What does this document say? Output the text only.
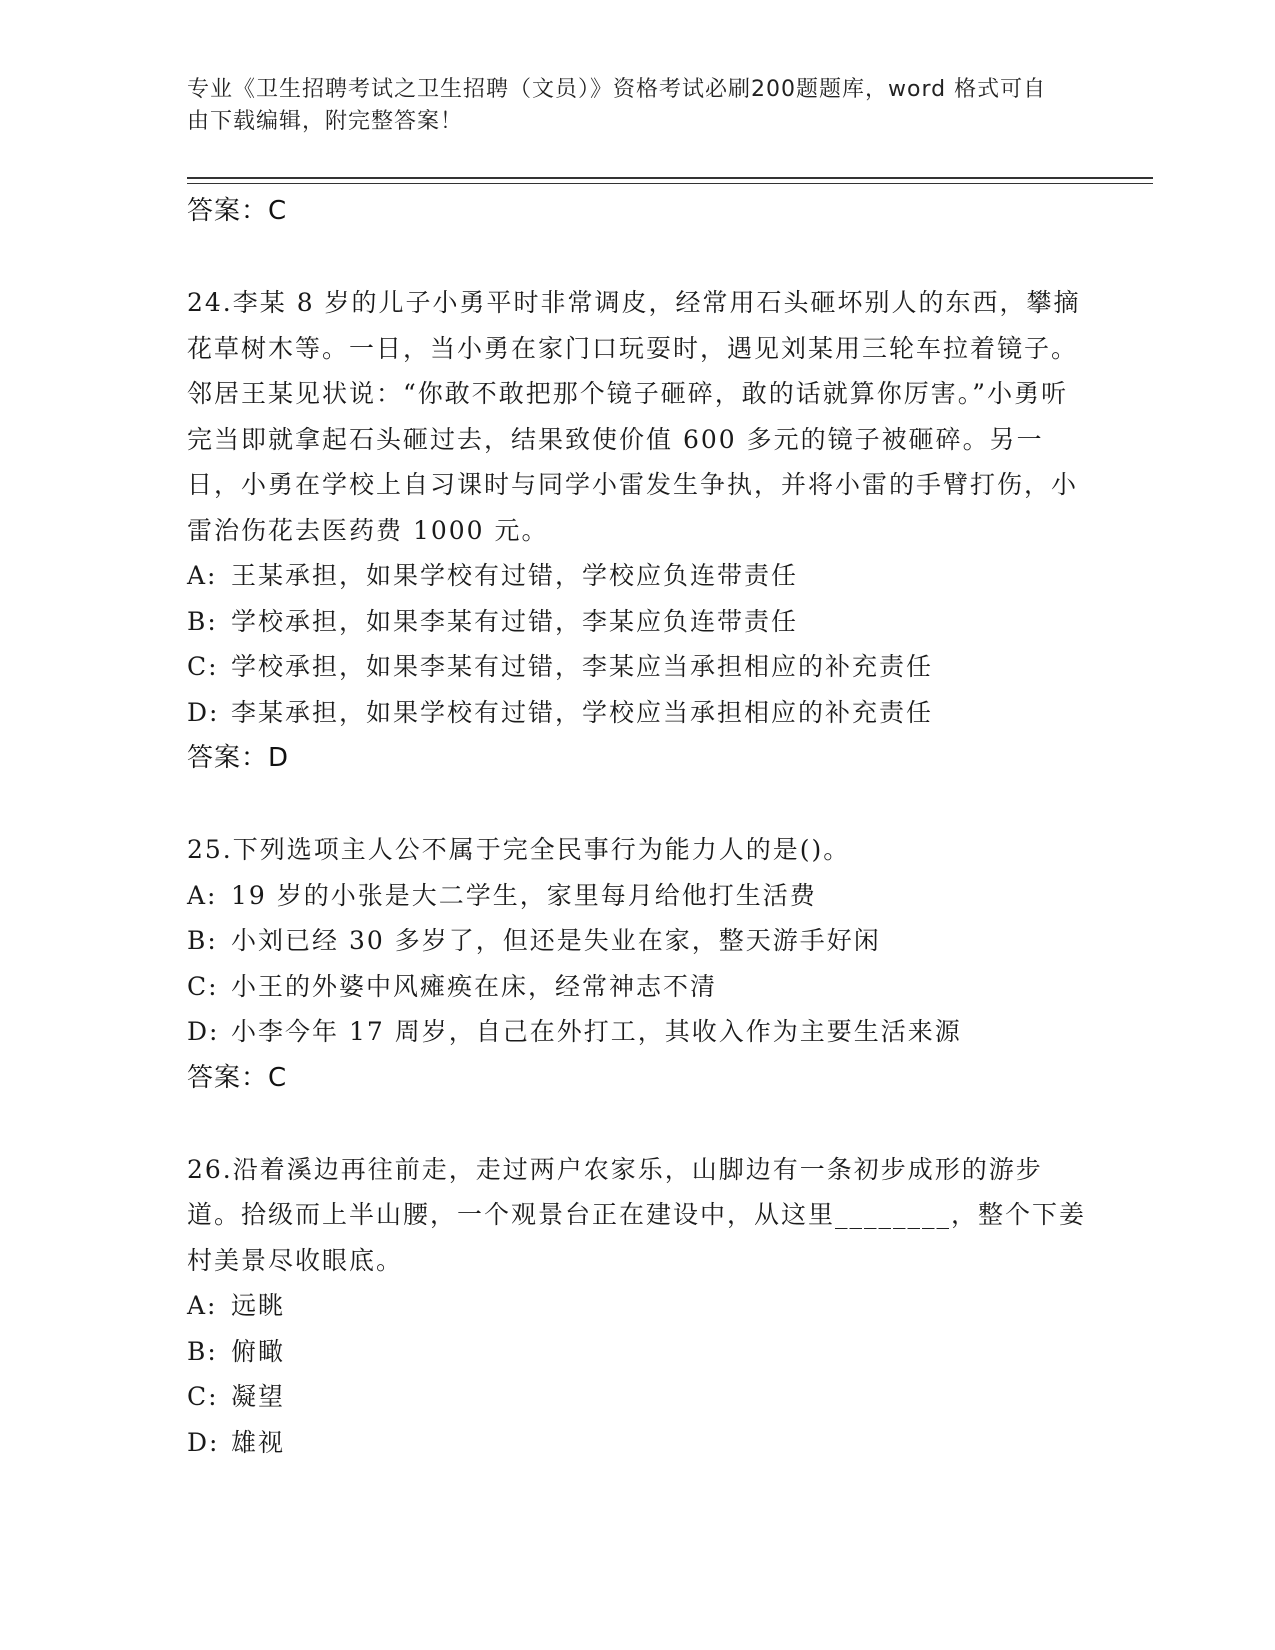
专业《卫生招聘考试之卫生招聘（文员）》资格考试必刷200题题库，word 格式可自由下载编辑，附完整答案！
答案：C
24.李某 8 岁的儿子小勇平时非常调皮，经常用石头砸坏别人的东西，攀摘花草树木等。一日，当小勇在家门口玩耍时，遇见刘某用三轮车拉着镜子。邻居王某见状说：“你敢不敢把那个镜子砸碎，敢的话就算你厉害。”小勇听完当即就拿起石头砸过去，结果致使价值 600 多元的镜子被砸碎。另一日，小勇在学校上自习课时与同学小雷发生争执，并将小雷的手臂打伤，小雷治伤花去医药费 1000 元。
A: 王某承担，如果学校有过错，学校应负连带责任
B: 学校承担，如果李某有过错，李某应负连带责任
C: 学校承担，如果李某有过错，李某应当承担相应的补充责任
D: 李某承担，如果学校有过错，学校应当承担相应的补充责任
答案：D
25.下列选项主人公不属于完全民事行为能力人的是()。
A: 19 岁的小张是大二学生，家里每月给他打生活费
B: 小刘已经 30 多岁了，但还是失业在家，整天游手好闲
C: 小王的外婆中风瘫痪在床，经常神志不清
D: 小李今年 17 周岁，自己在外打工，其收入作为主要生活来源
答案：C
26.沿着溪边再往前走，走过两户农家乐，山脚边有一条初步成形的游步道。拾级而上半山腰，一个观景台正在建设中，从这里________，整个下姜村美景尽收眼底。
A: 远眺
B: 俯瞰
C: 凝望
D: 雄视
